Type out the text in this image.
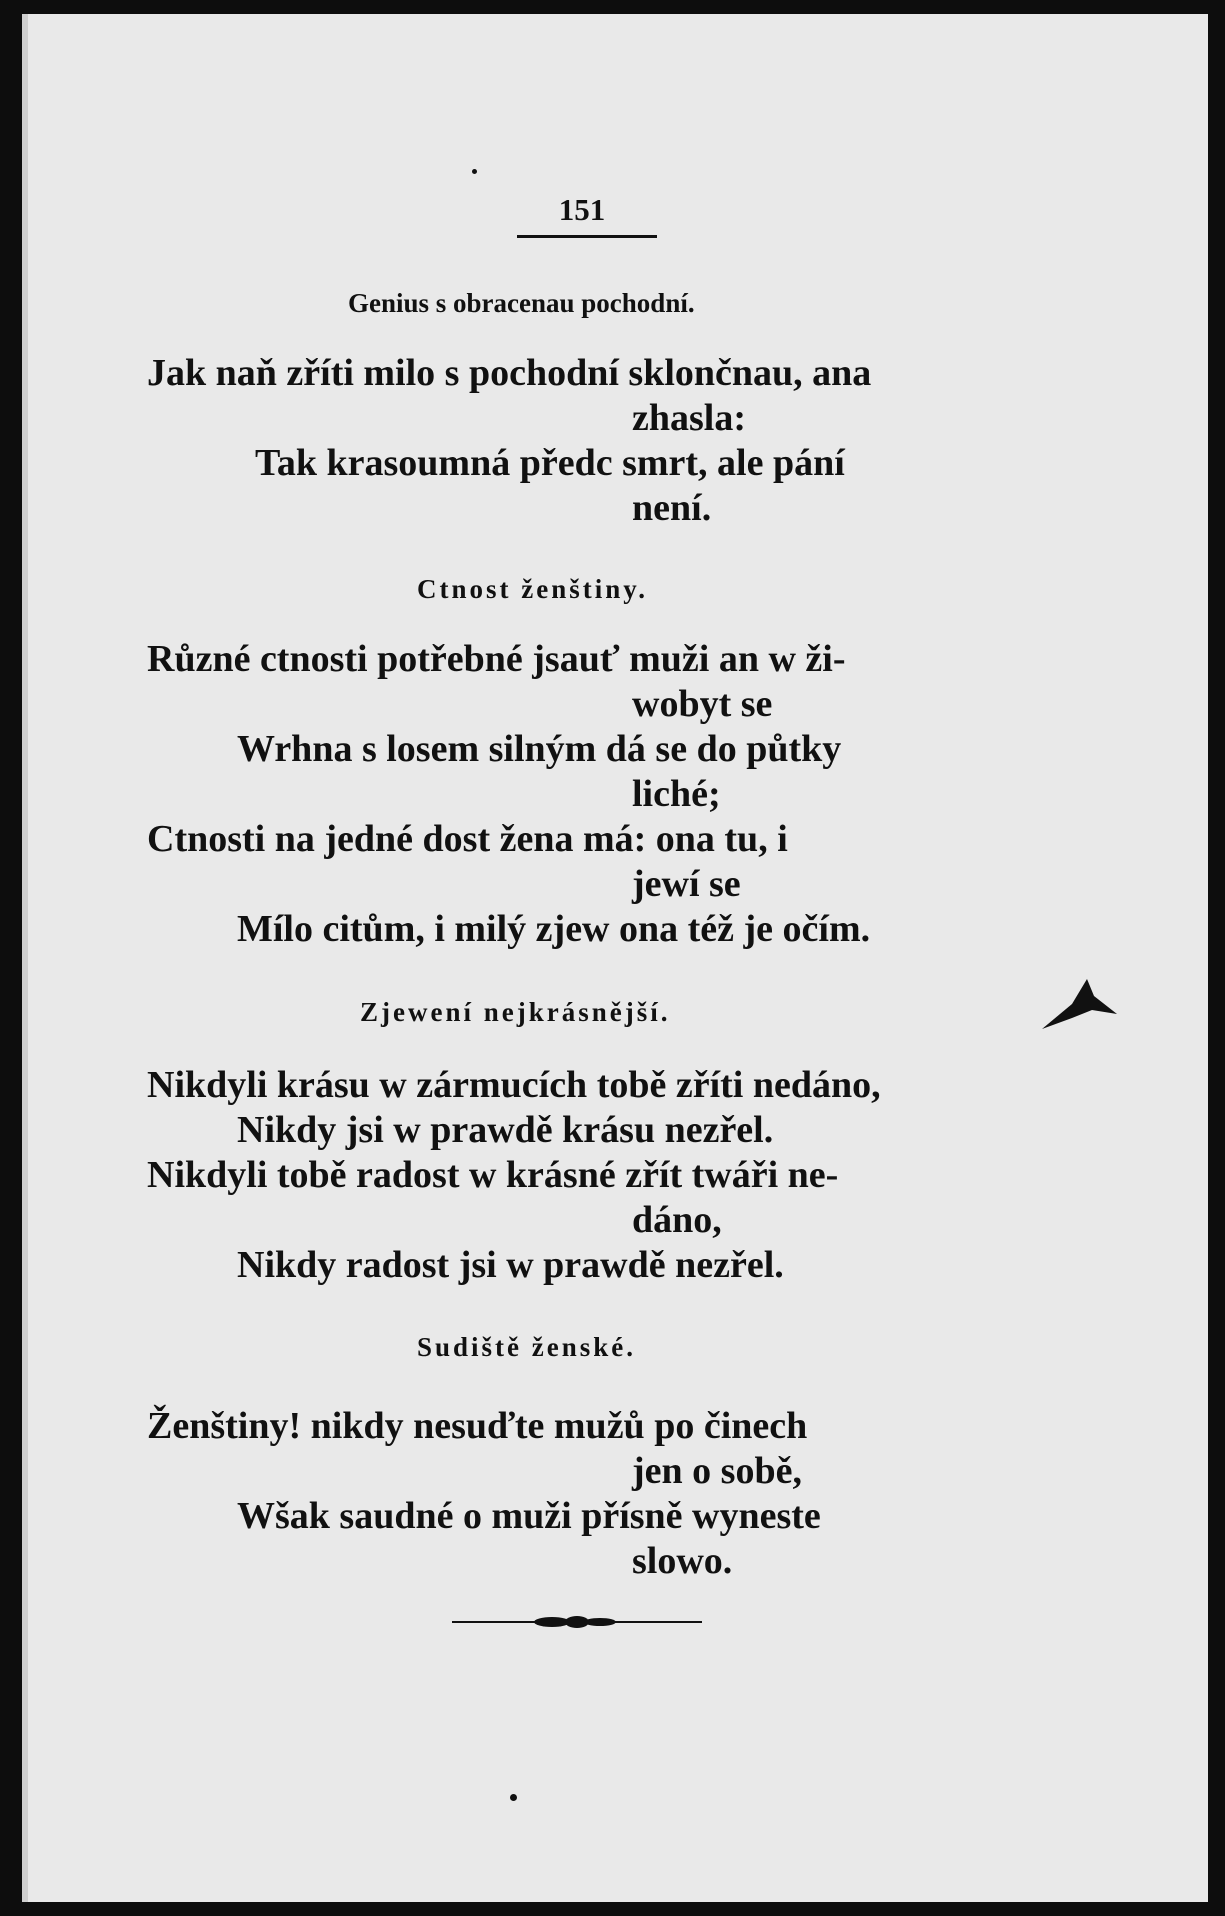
151
Genius s obracenau pochodní.
Jak naň zříti milo s pochodní sklončnau, ana
zhasla:
Tak krasoumná předc smrt, ale pání
není.
Ctnost ženštiny.
Různé ctnosti potřebné jsauť muži an w ži-
wobyt se
Wrhna s losem silným dá se do půtky
liché;
Ctnosti na jedné dost žena má: ona tu, i
jewí se
Mílo citům, i milý zjew ona též je očím.
Zjewení nejkrásnější.
Nikdyli krásu w zármucích tobě zříti nedáno,
Nikdy jsi w prawdě krásu nezřel.
Nikdyli tobě radost w krásné zřít twáři ne-
dáno,
Nikdy radost jsi w prawdě nezřel.
Sudiště ženské.
Ženštiny! nikdy nesuďte mužů po činech
jen o sobě,
Wšak saudné o muži přísně wyneste
slowo.
